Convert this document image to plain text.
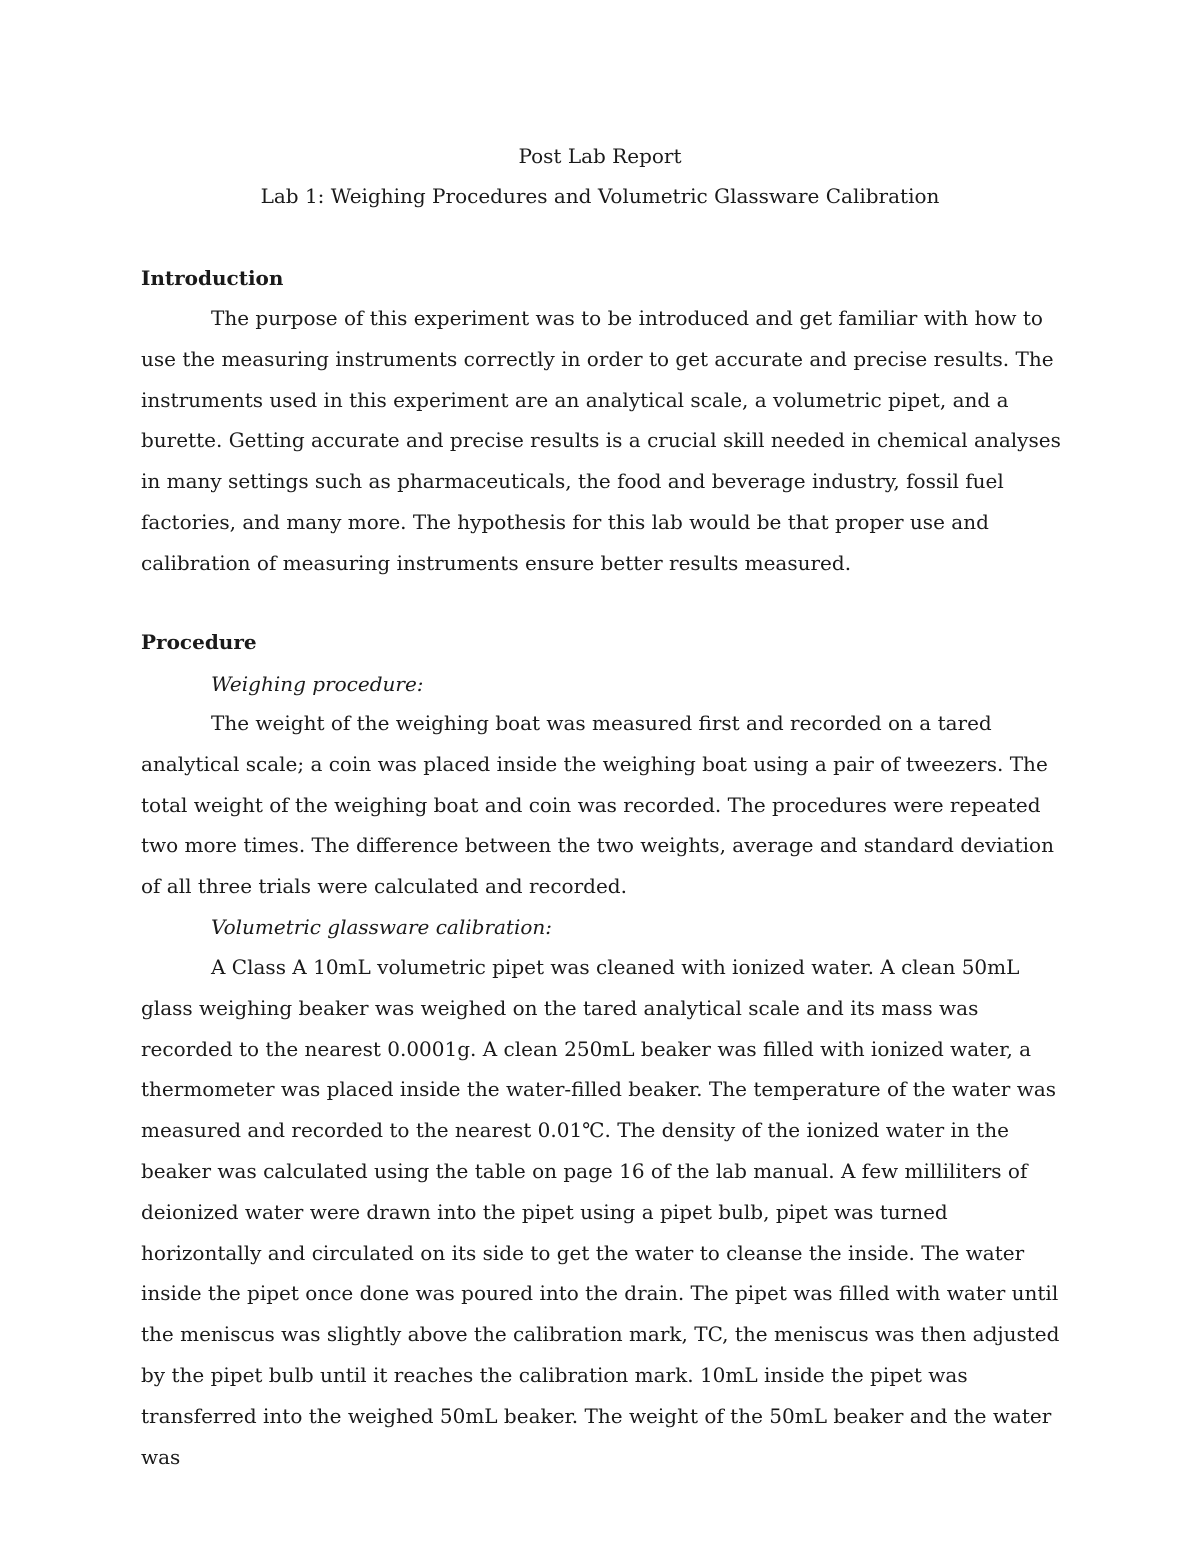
Post Lab Report

Lab 1: Weighing Procedures and Volumetric Glassware Calibration

Introduction

The purpose of this experiment was to be introduced and get familiar with how to use the measuring instruments correctly in order to get accurate and precise results. The instruments used in this experiment are an analytical scale, a volumetric pipet, and a burette. Getting accurate and precise results is a crucial skill needed in chemical analyses in many settings such as pharmaceuticals, the food and beverage industry, fossil fuel factories, and many more. The hypothesis for this lab would be that proper use and calibration of measuring instruments ensure better results measured.

Procedure

Weighing procedure:

The weight of the weighing boat was measured first and recorded on a tared analytical scale; a coin was placed inside the weighing boat using a pair of tweezers. The total weight of the weighing boat and coin was recorded. The procedures were repeated two more times. The difference between the two weights, average and standard deviation of all three trials were calculated and recorded.

Volumetric glassware calibration:

A Class A 10mL volumetric pipet was cleaned with ionized water. A clean 50mL glass weighing beaker was weighed on the tared analytical scale and its mass was recorded to the nearest 0.0001g. A clean 250mL beaker was filled with ionized water, a thermometer was placed inside the water-filled beaker. The temperature of the water was measured and recorded to the nearest 0.01℃. The density of the ionized water in the beaker was calculated using the table on page 16 of the lab manual. A few milliliters of deionized water were drawn into the pipet using a pipet bulb, pipet was turned horizontally and circulated on its side to get the water to cleanse the inside. The water inside the pipet once done was poured into the drain. The pipet was filled with water until the meniscus was slightly above the calibration mark, TC, the meniscus was then adjusted by the pipet bulb until it reaches the calibration mark. 10mL inside the pipet was transferred into the weighed 50mL beaker. The weight of the 50mL beaker and the water was
